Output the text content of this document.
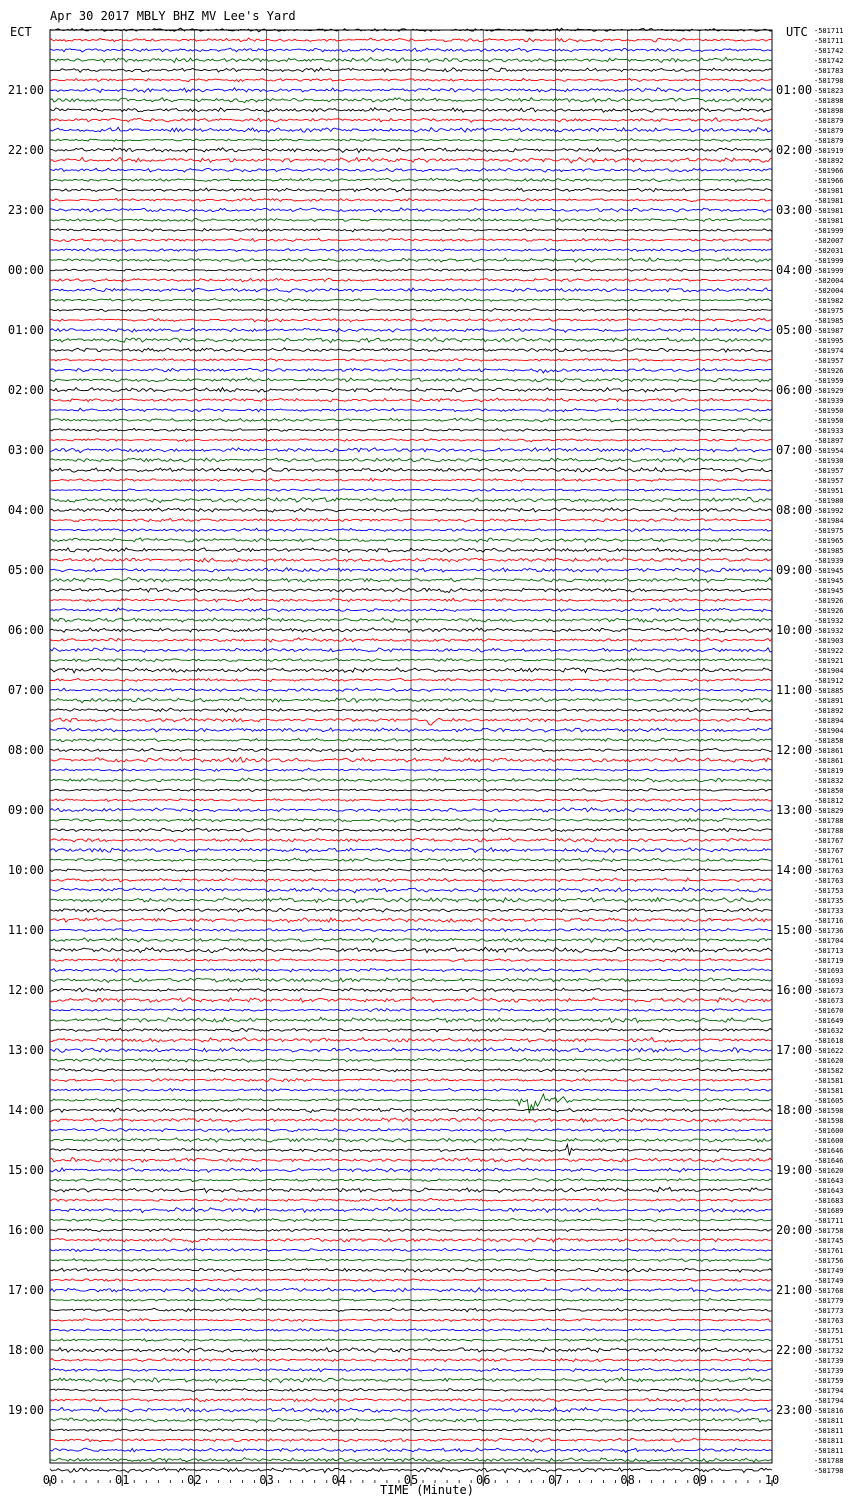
Apr 30 2017 MBLY BHZ MV Lee's Yard
ECT	UTC
TIME (Minute)
21:00
22:00
23:00
00:00
01:00
02:00
03:00
04:00
05:00
06:00
07:00
08:00
09:00
10:00
11:00
12:00
13:00
14:00
15:00
16:00
17:00
18:00
19:00
01:00
02:00
03:00
04:00
05:00
06:00
07:00
08:00
09:00
10:00
11:00
12:00
13:00
14:00
15:00
16:00
17:00
18:00
19:00
20:00
21:00
22:00
23:00
-581711
-581711
-581742
-581742
-581783
-581798
-581823
-581898
-581898
-581879
-581879
-581879
-581919
-581892
-581966
-581966
-581981
-581981
-581981
-581981
-581999
-582007
-582031
-581999
-581999
-582004
-582004
-581982
-581975
-581985
-581987
-581995
-581974
-581957
-581926
-581959
-581929
-581939
-581950
-581950
-581933
-581897
-581954
-581930
-581957
-581957
-581951
-581980
-581992
-581984
-581975
-581965
-581985
-581939
-581945
-581945
-581945
-581926
-581926
-581932
-581932
-581903
-581922
-581921
-581904
-581912
-581885
-581891
-581892
-581894
-581904
-581858
-581861
-581861
-581819
-581832
-581850
-581812
-581829
-581788
-581788
-581767
-581767
-581761
-581763
-581763
-581753
-581735
-581733
-581716
-581736
-581704
-581713
-581719
-581693
-581693
-581673
-581673
-581670
-581649
-581632
-581618
-581622
-581620
-581582
-581581
-581581
-581605
-581598
-581598
-581600
-581600
-581646
-581646
-581620
-581643
-581643
-581683
-581689
-581711
-581758
-581745
-581761
-581756
-581749
-581749
-581768
-581779
-581773
-581763
-581751
-581751
-581732
-581739
-581739
-581759
-581794
-581794
-581816
-581811
-581811
-581811
-581811
-581788
-581798
00	01	02	03	04	05	06	07	08	09	10
